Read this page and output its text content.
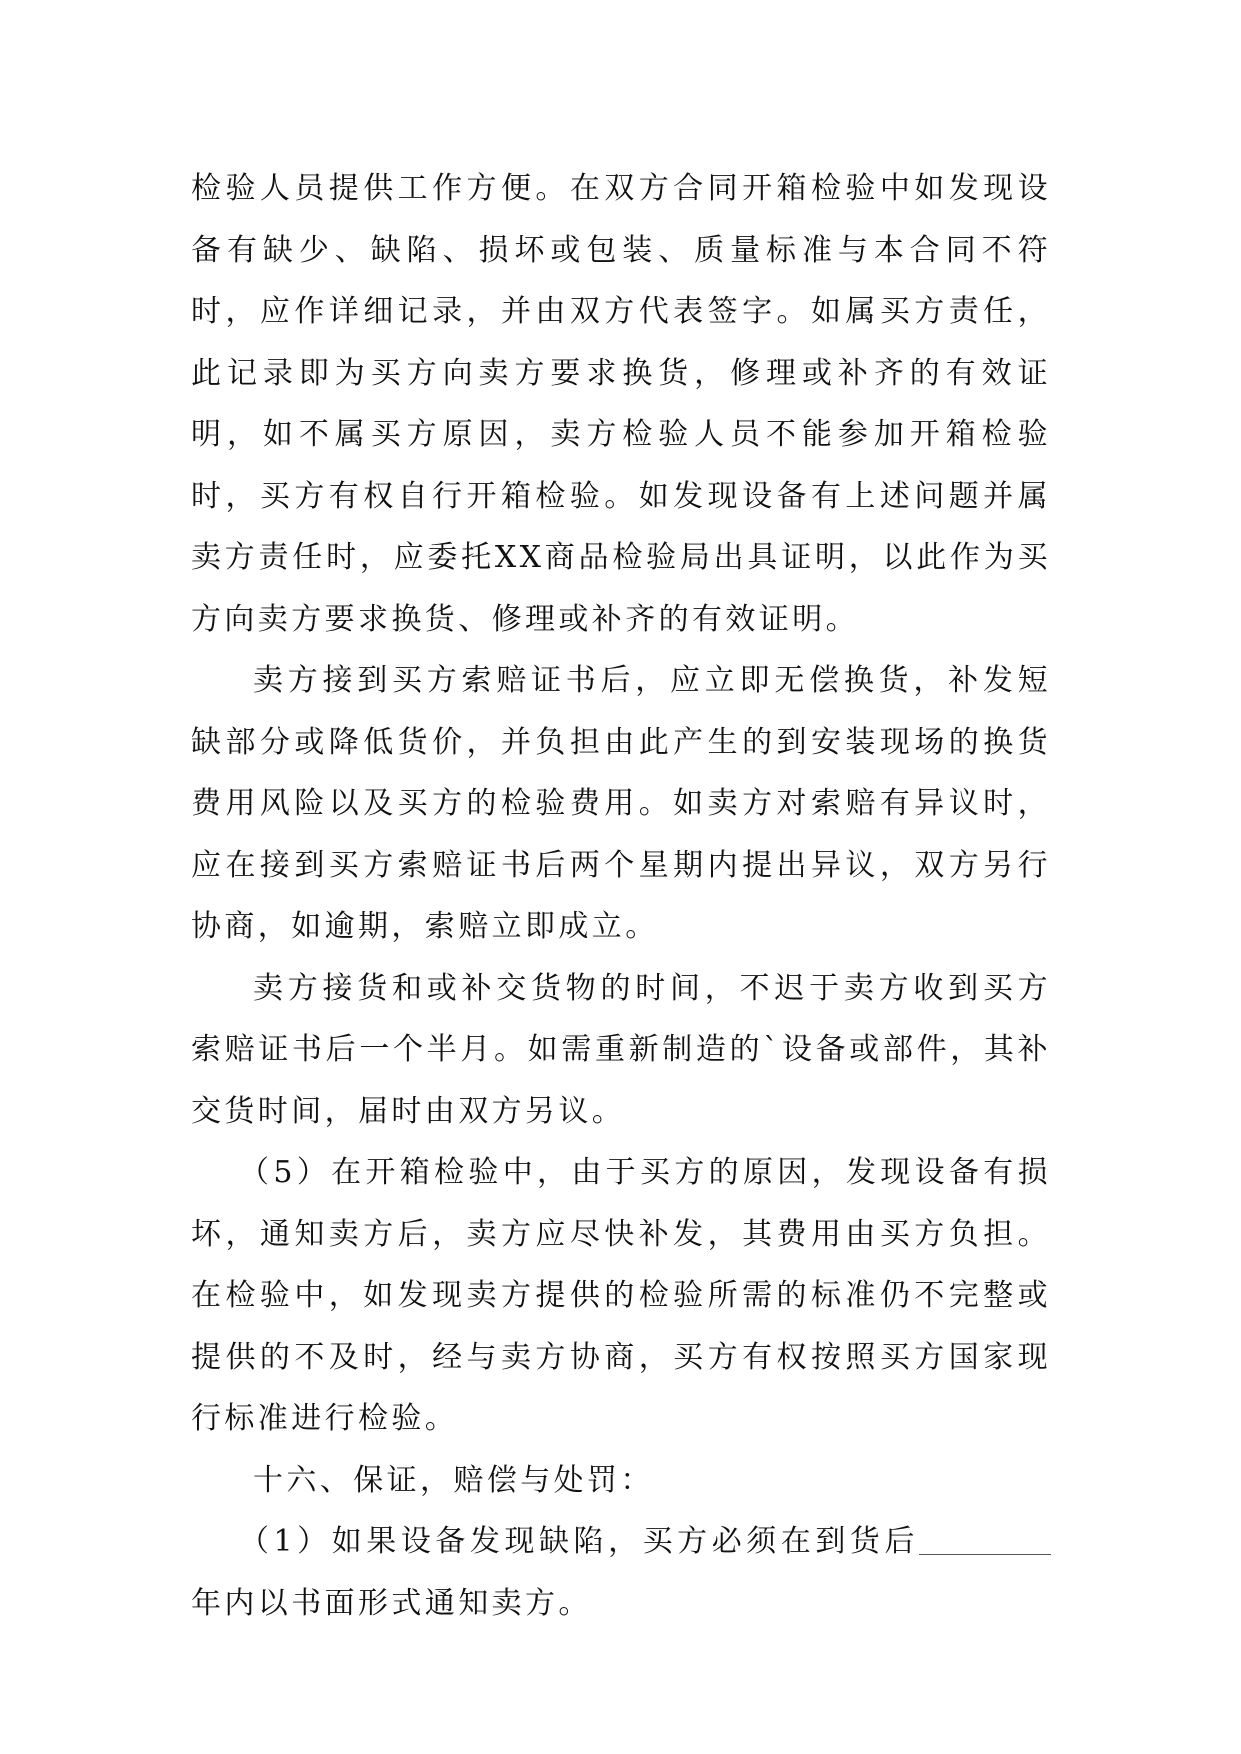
检验人员提供工作方便。在双方合同开箱检验中如发现设备有缺少、缺陷、损坏或包装、质量标准与本合同不符时，应作详细记录，并由双方代表签字。如属买方责任，此记录即为买方向卖方要求换货，修理或补齐的有效证明，如不属买方原因，卖方检验人员不能参加开箱检验时，买方有权自行开箱检验。如发现设备有上述问题并属卖方责任时，应委托XX商品检验局出具证明，以此作为买方向卖方要求换货、修理或补齐的有效证明。

卖方接到买方索赔证书后，应立即无偿换货，补发短缺部分或降低货价，并负担由此产生的到安装现场的换货费用风险以及买方的检验费用。如卖方对索赔有异议时，应在接到买方索赔证书后两个星期内提出异议，双方另行协商，如逾期，索赔立即成立。

卖方接货和或补交货物的时间，不迟于卖方收到买方索赔证书后一个半月。如需重新制造的`设备或部件，其补交货时间，届时由双方另议。

（5）在开箱检验中，由于买方的原因，发现设备有损坏，通知卖方后，卖方应尽快补发，其费用由买方负担。在检验中，如发现卖方提供的检验所需的标准仍不完整或提供的不及时，经与卖方协商，买方有权按照买方国家现行标准进行检验。

十六、保证，赔偿与处罚：

（1）如果设备发现缺陷，买方必须在到货后年内以书面形式通知卖方。
